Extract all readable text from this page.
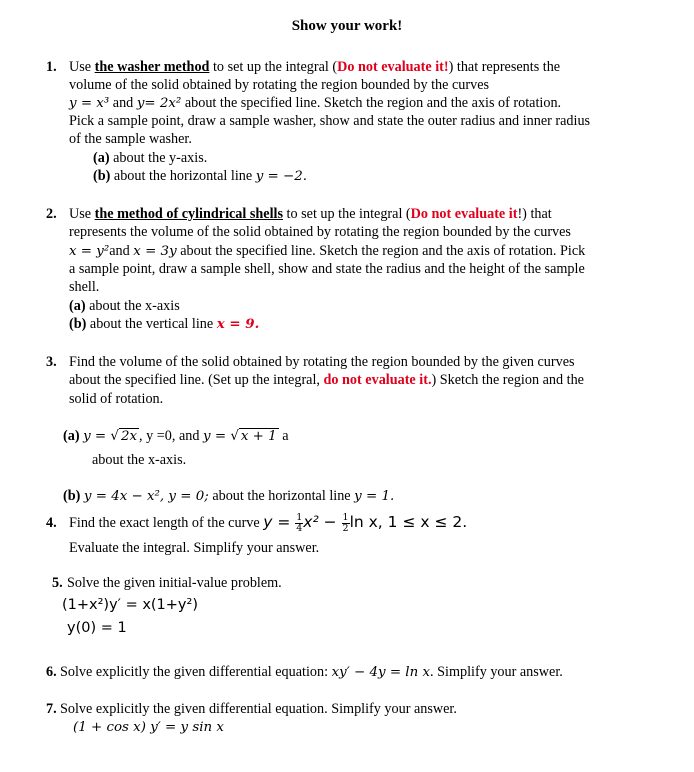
Show your work!
1. Use the washer method to set up the integral (Do not evaluate it!) that represents the
volume of the solid obtained by rotating the region bounded by the curves
y = x³ and y= 2x² about the specified line. Sketch the region and the axis of rotation.
Pick a sample point, draw a sample washer, show and state the outer radius and inner radius
of the sample washer.
(a) about the y-axis.
(b) about the horizontal line y = −2.
2. Use the method of cylindrical shells to set up the integral (Do not evaluate it!) that
represents the volume of the solid obtained by rotating the region bounded by the curves
x = y²and x = 3y about the specified line. Sketch the region and the axis of rotation. Pick
a sample point, draw a sample shell, show and state the radius and the height of the sample
shell.
(a) about the x-axis
(b) about the vertical line x = 9.
3. Find the volume of the solid obtained by rotating the region bounded by the given curves
about the specified line. (Set up the integral, do not evaluate it.) Sketch the region and the
solid of rotation.
(a) y = √ 2x , y =0, and y = √ x + 1 a
about the x-axis.
(b) y = 4x − x², y = 0; about the horizontal line y = 1.
4. Find the exact length of the curve $y = \frac{1}{4} x^2 - \frac{1}{2}$ ln x, 1 ≤ x ≤ 2.
Evaluate the integral. Simplify your answer.
5. Solve the given initial-value problem.
(1+x²)y′ = x(1+y²)
y(0) = 1
6. Solve explicitly the given differential equation: xy′ − 4y = ln x. Simplify your answer.
7. Solve explicitly the given differential equation. Simplify your answer.
(1 + cos x) y′ = y sin x
